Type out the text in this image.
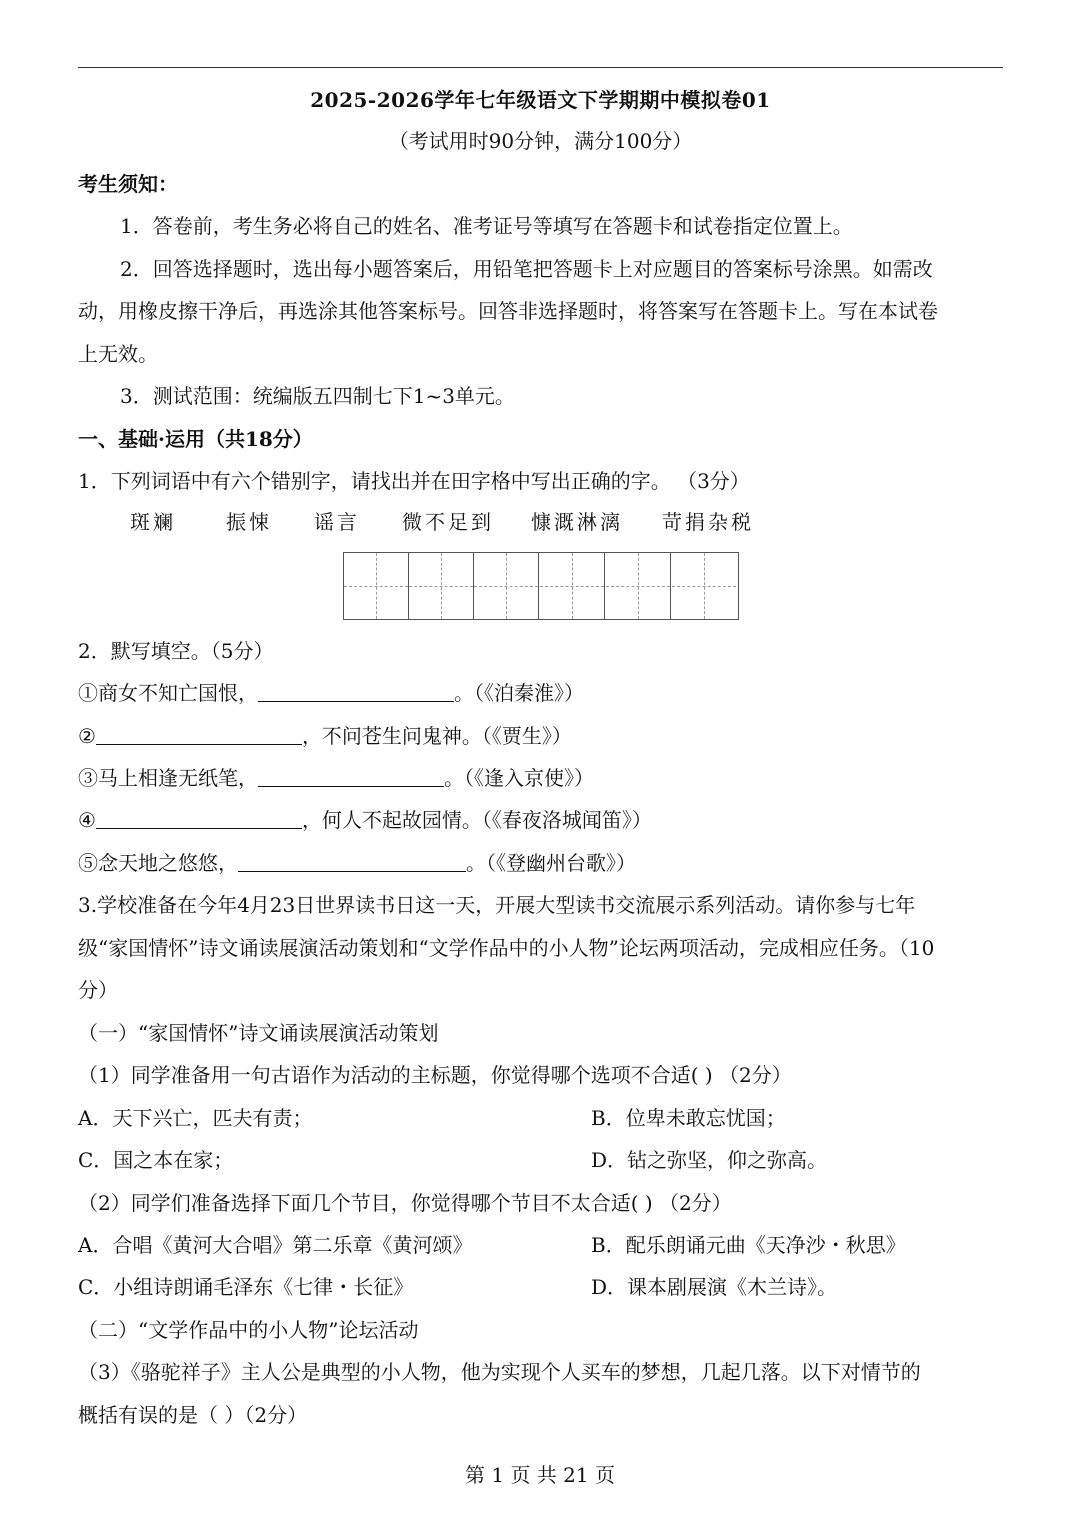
2025-2026学年七年级语文下学期期中模拟卷01
（考试用时90分钟，满分100分）
考生须知：
1．答卷前，考生务必将自己的姓名、准考证号等填写在答题卡和试卷指定位置上。
2．回答选择题时，选出每小题答案后，用铅笔把答题卡上对应题目的答案标号涂黑。如需改
动，用橡皮擦干净后，再选涂其他答案标号。回答非选择题时，将答案写在答题卡上。写在本试卷
上无效。
3．测试范围：统编版五四制七下1~3单元。
一、基础·运用（共18分）
1．下列词语中有六个错别字，请找出并在田字格中写出正确的字。 （3分）
斑斓	振悚 谣言 微不足到 慷溉淋漓 苛捐杂税
2．默写填空。（5分）
①商女不知亡国恨，	。（《泊秦淮》）
②	，不问苍生问鬼神。（《贾生》）
③马上相逢无纸笔，	。（《逢入京使》）
④	，何人不起故园情。（《春夜洛城闻笛》）
⑤念天地之悠悠，	。（《登幽州台歌》）
3.学校准备在今年4月23日世界读书日这一天，开展大型读书交流展示系列活动。请你参与七年
级“家国情怀”诗文诵读展演活动策划和“文学作品中的小人物”论坛两项活动，完成相应任务。（10
分）
（一）“家国情怀”诗文诵读展演活动策划
（1）同学准备用一句古语作为活动的主标题，你觉得哪个选项不合适( ) （2分）
A．天下兴亡，匹夫有责；	B．位卑未敢忘忧国；
C．国之本在家；	D．钻之弥坚，仰之弥高。
（2）同学们准备选择下面几个节目，你觉得哪个节目不太合适( ) （2分）
A．合唱《黄河大合唱》第二乐章《黄河颂》	B．配乐朗诵元曲《天净沙・秋思》
C．小组诗朗诵毛泽东《七律・长征》	D．课本剧展演《木兰诗》。
（二）“文学作品中的小人物”论坛活动
（3）《骆驼祥子》主人公是典型的小人物，他为实现个人买车的梦想，几起几落。以下对情节的
概括有误的是（ ）（2分）
第 1 页 共 21 页
